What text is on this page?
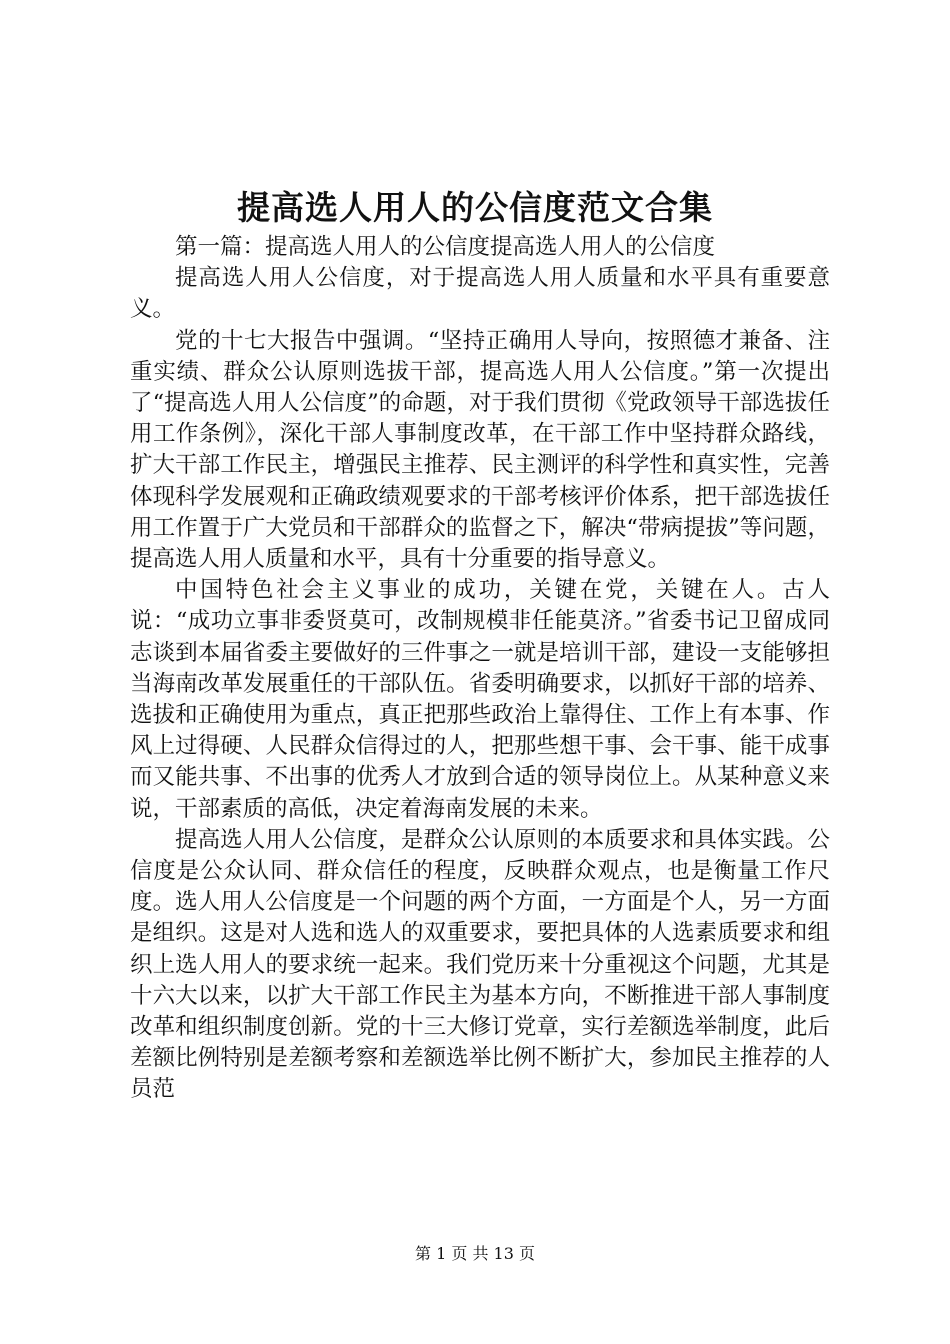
提高选人用人的公信度范文合集

第一篇：提高选人用人的公信度提高选人用人的公信度

提高选人用人公信度，对于提高选人用人质量和水平具有重要意义。

党的十七大报告中强调。“坚持正确用人导向，按照德才兼备、注重实绩、群众公认原则选拔干部，提高选人用人公信度。”第一次提出了“提高选人用人公信度”的命题，对于我们贯彻《党政领导干部选拔任用工作条例》，深化干部人事制度改革，在干部工作中坚持群众路线，扩大干部工作民主，增强民主推荐、民主测评的科学性和真实性，完善体现科学发展观和正确政绩观要求的干部考核评价体系，把干部选拔任用工作置于广大党员和干部群众的监督之下，解决“带病提拔”等问题，提高选人用人质量和水平，具有十分重要的指导意义。

中国特色社会主义事业的成功，关键在党，关键在人。古人说：“成功立事非委贤莫可，改制规模非任能莫济。”省委书记卫留成同志谈到本届省委主要做好的三件事之一就是培训干部，建设一支能够担当海南改革发展重任的干部队伍。省委明确要求，以抓好干部的培养、选拔和正确使用为重点，真正把那些政治上靠得住、工作上有本事、作风上过得硬、人民群众信得过的人，把那些想干事、会干事、能干成事而又能共事、不出事的优秀人才放到合适的领导岗位上。从某种意义来说，干部素质的高低，决定着海南发展的未来。

提高选人用人公信度，是群众公认原则的本质要求和具体实践。公信度是公众认同、群众信任的程度，反映群众观点，也是衡量工作尺度。选人用人公信度是一个问题的两个方面，一方面是个人，另一方面是组织。这是对人选和选人的双重要求，要把具体的人选素质要求和组织上选人用人的要求统一起来。我们党历来十分重视这个问题，尤其是十六大以来，以扩大干部工作民主为基本方向，不断推进干部人事制度改革和组织制度创新。党的十三大修订党章，实行差额选举制度，此后差额比例特别是差额考察和差额选举比例不断扩大，参加民主推荐的人员范

第 1 页 共 13 页
